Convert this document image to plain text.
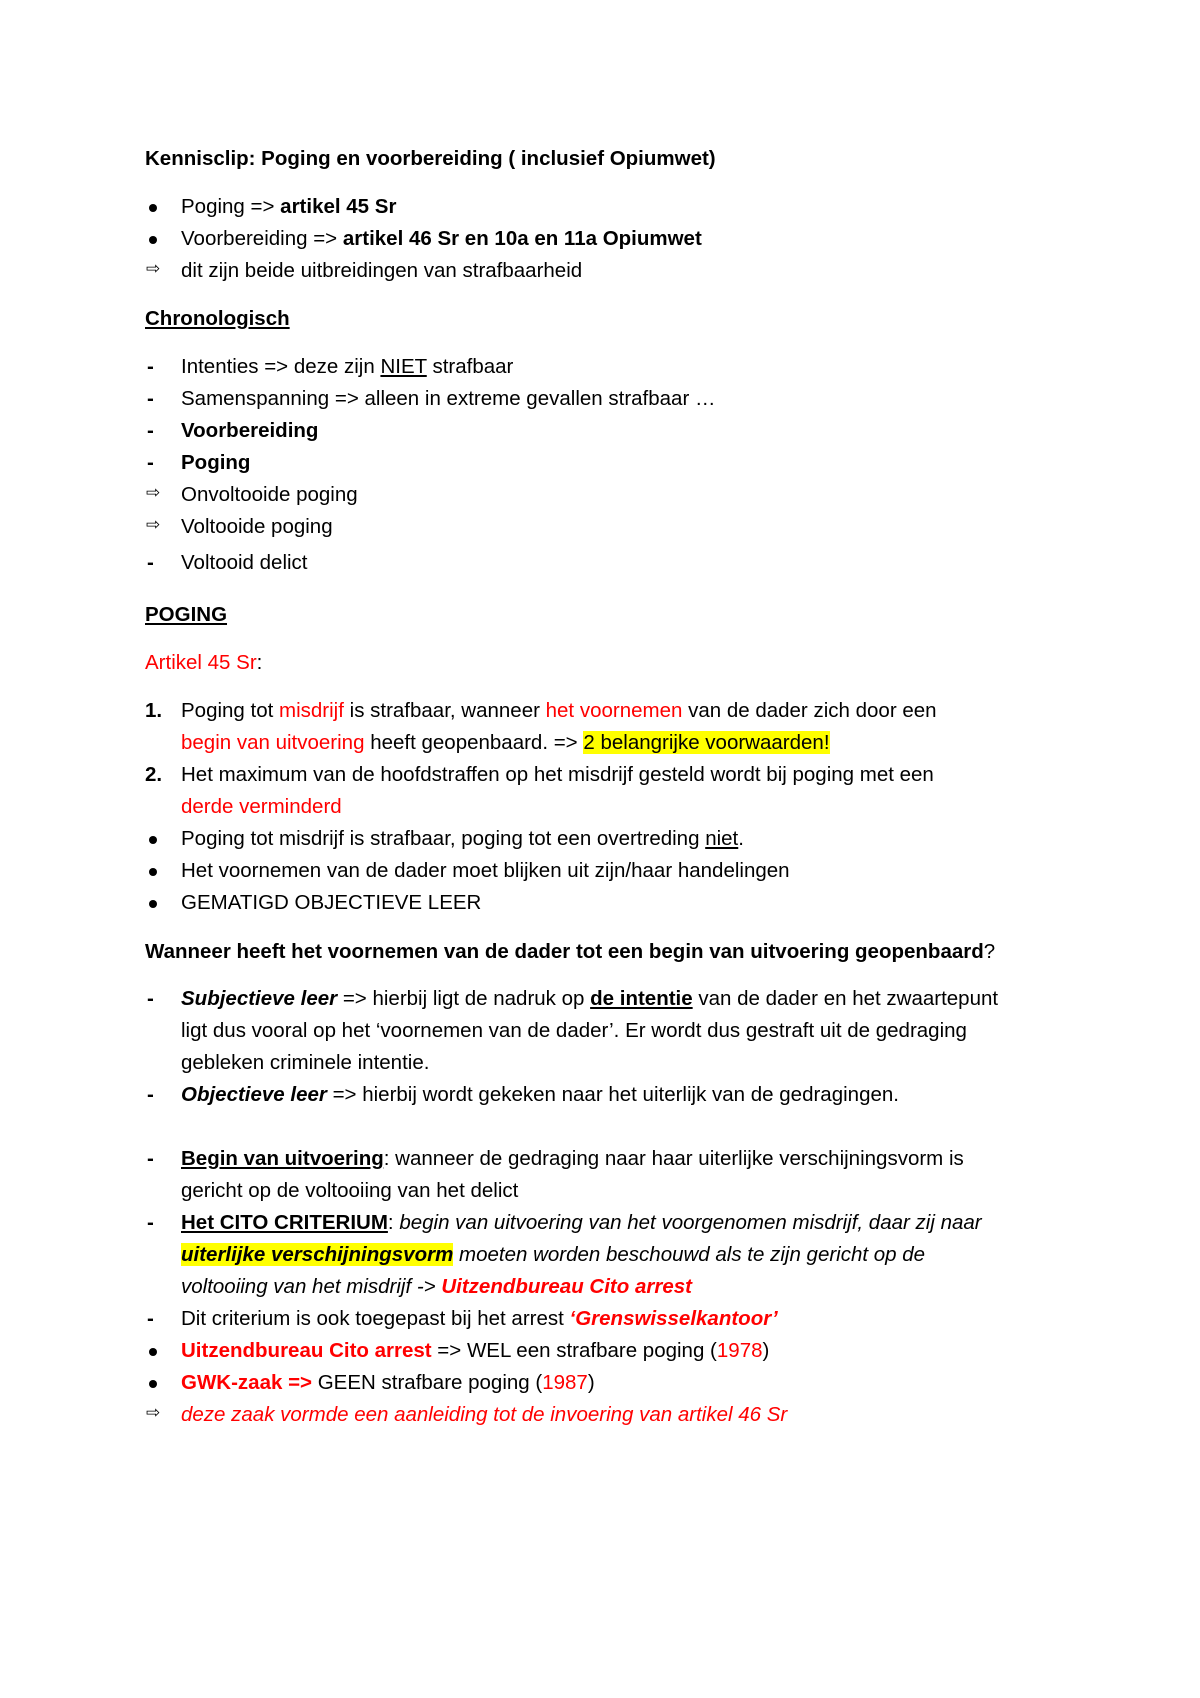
Kennisclip: Poging en voorbereiding ( inclusief Opiumwet)
Poging => artikel 45 Sr
Voorbereiding => artikel 46 Sr en 10a en 11a Opiumwet
⇨
dit zijn beide uitbreidingen van strafbaarheid
Chronologisch
-
Intenties => deze zijn NIET strafbaar
-
Samenspanning => alleen in extreme gevallen strafbaar …
-
Voorbereiding
-
Poging
⇨
Onvoltooide poging
⇨
Voltooide poging
-
Voltooid delict
POGING
Artikel 45 Sr:
1. Poging tot misdrijf is strafbaar, wanneer het voornemen van de dader zich door een
begin van uitvoering heeft geopenbaard. => 2 belangrijke voorwaarden!
2. Het maximum van de hoofdstraffen op het misdrijf gesteld wordt bij poging met een
derde verminderd
Poging tot misdrijf is strafbaar, poging tot een overtreding niet.
Het voornemen van de dader moet blijken uit zijn/haar handelingen
GEMATIGD OBJECTIEVE LEER
Wanneer heeft het voornemen van de dader tot een begin van uitvoering geopenbaard?
-
Subjectieve leer => hierbij ligt de nadruk op de intentie van de dader en het zwaartepunt
ligt dus vooral op het ‘voornemen van de dader’. Er wordt dus gestraft uit de gedraging
gebleken criminele intentie.
-
Objectieve leer => hierbij wordt gekeken naar het uiterlijk van de gedragingen.
-
Begin van uitvoering: wanneer de gedraging naar haar uiterlijke verschijningsvorm is
gericht op de voltooiing van het delict
-
Het CITO CRITERIUM: begin van uitvoering van het voorgenomen misdrijf, daar zij naar
uiterlijke verschijningsvorm moeten worden beschouwd als te zijn gericht op de
voltooiing van het misdrijf -> Uitzendbureau Cito arrest
-
Dit criterium is ook toegepast bij het arrest ‘Grenswisselkantoor’
Uitzendbureau Cito arrest => WEL een strafbare poging (1978)
GWK-zaak => GEEN strafbare poging (1987)
⇨
deze zaak vormde een aanleiding tot de invoering van artikel 46 Sr
